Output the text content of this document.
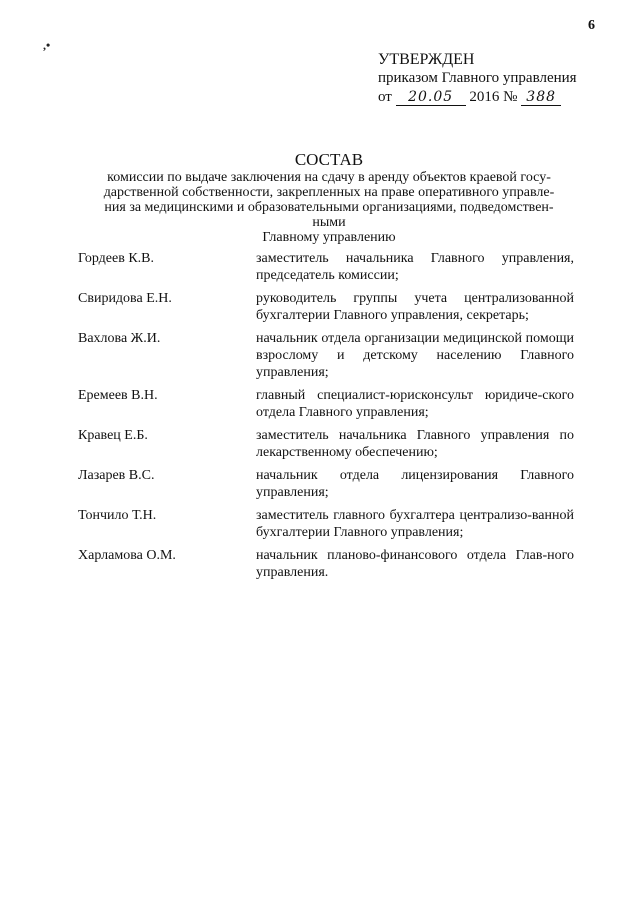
6
,•
УТВЕРЖДЕН
приказом Главного управления
от 20.05 2016 № 388
СОСТАВ
комиссии по выдаче заключения на сдачу в аренду объектов краевой госу-
дарственной собственности, закрепленных на праве оперативного управле-
ния за медицинскими и образовательными организациями, подведомствен-
ными
Главному управлению
Гордеев К.В.	заместитель начальника Главного управления, председатель комиссии;
Свиридова Е.Н.	руководитель группы учета централизованной бухгалтерии Главного управления, секретарь;
Вахлова Ж.И.	начальник отдела организации медицинской помощи взрослому и детскому населению Главного управления;
Еремеев В.Н.	главный специалист-юрисконсульт юридиче-ского отдела Главного управления;
Кравец Е.Б.	заместитель начальника Главного управления по лекарственному обеспечению;
Лазарев В.С.	начальник отдела лицензирования Главного управления;
Тончило Т.Н.	заместитель главного бухгалтера централизо-ванной бухгалтерии Главного управления;
Харламова О.М.	начальник планово-финансового отдела Глав-ного управления.
